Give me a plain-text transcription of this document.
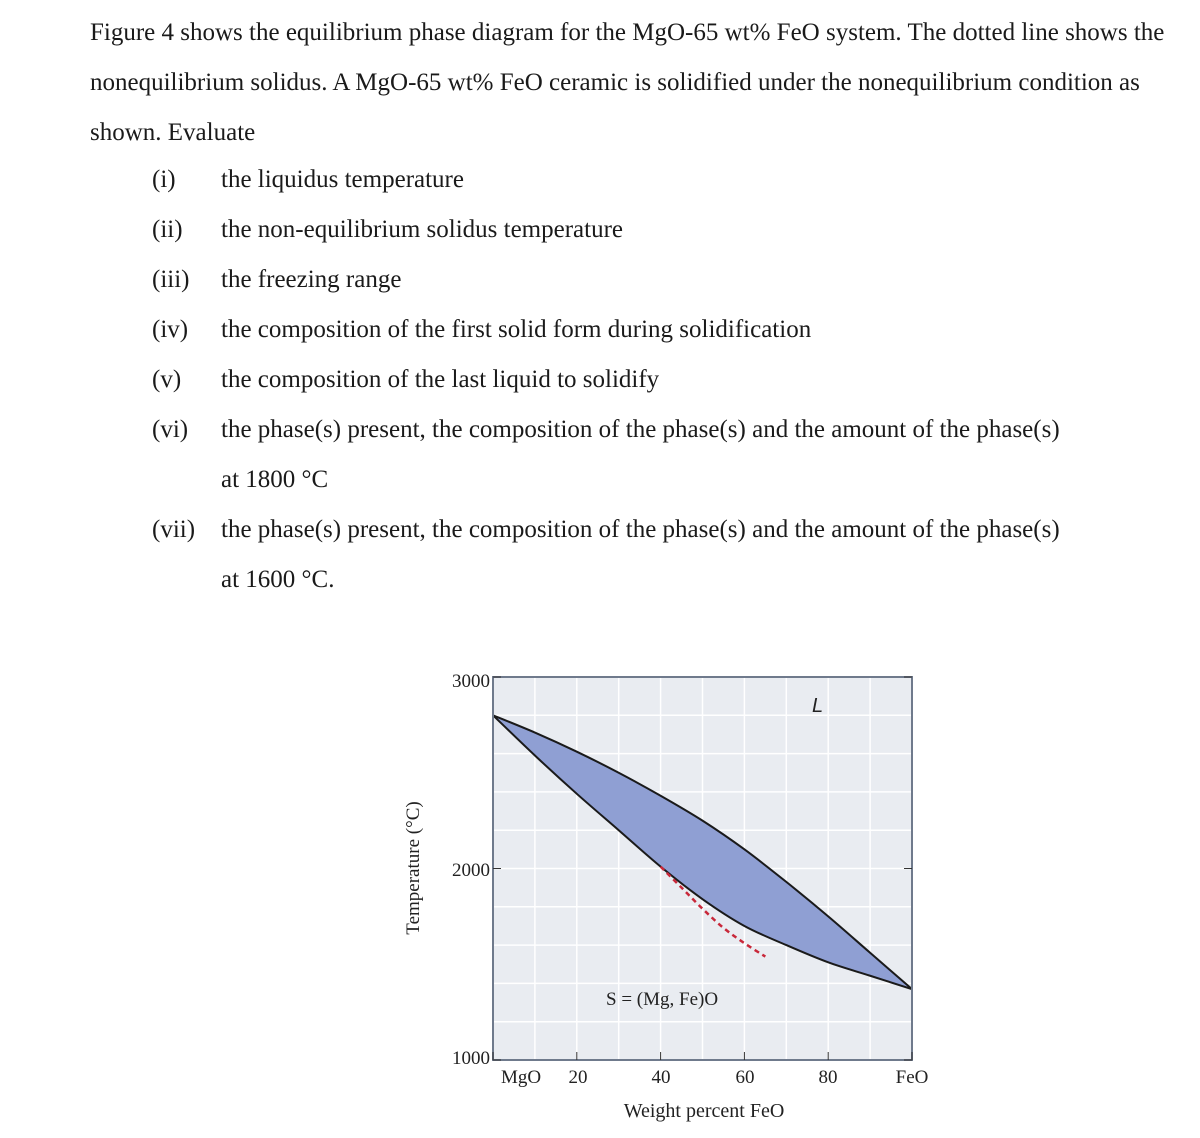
Figure 4 shows the equilibrium phase diagram for the MgO-65 wt% FeO system. The dotted line shows the nonequilibrium solidus. A MgO-65 wt% FeO ceramic is solidified under the nonequilibrium condition as shown. Evaluate

(i) the liquidus temperature
(ii) the non-equilibrium solidus temperature
(iii) the freezing range
(iv) the composition of the first solid form during solidification
(v) the composition of the last liquid to solidify
(vi) the phase(s) present, the composition of the phase(s) and the amount of the phase(s)
at 1800 °C
(vii) the phase(s) present, the composition of the phase(s) and the amount of the phase(s)
at 1600 °C.
L
S = (Mg, Fe)O
3000
2000
1000
MgO 20	40	60	80	FeO
Weight percent FeO
Temperature (°C)
